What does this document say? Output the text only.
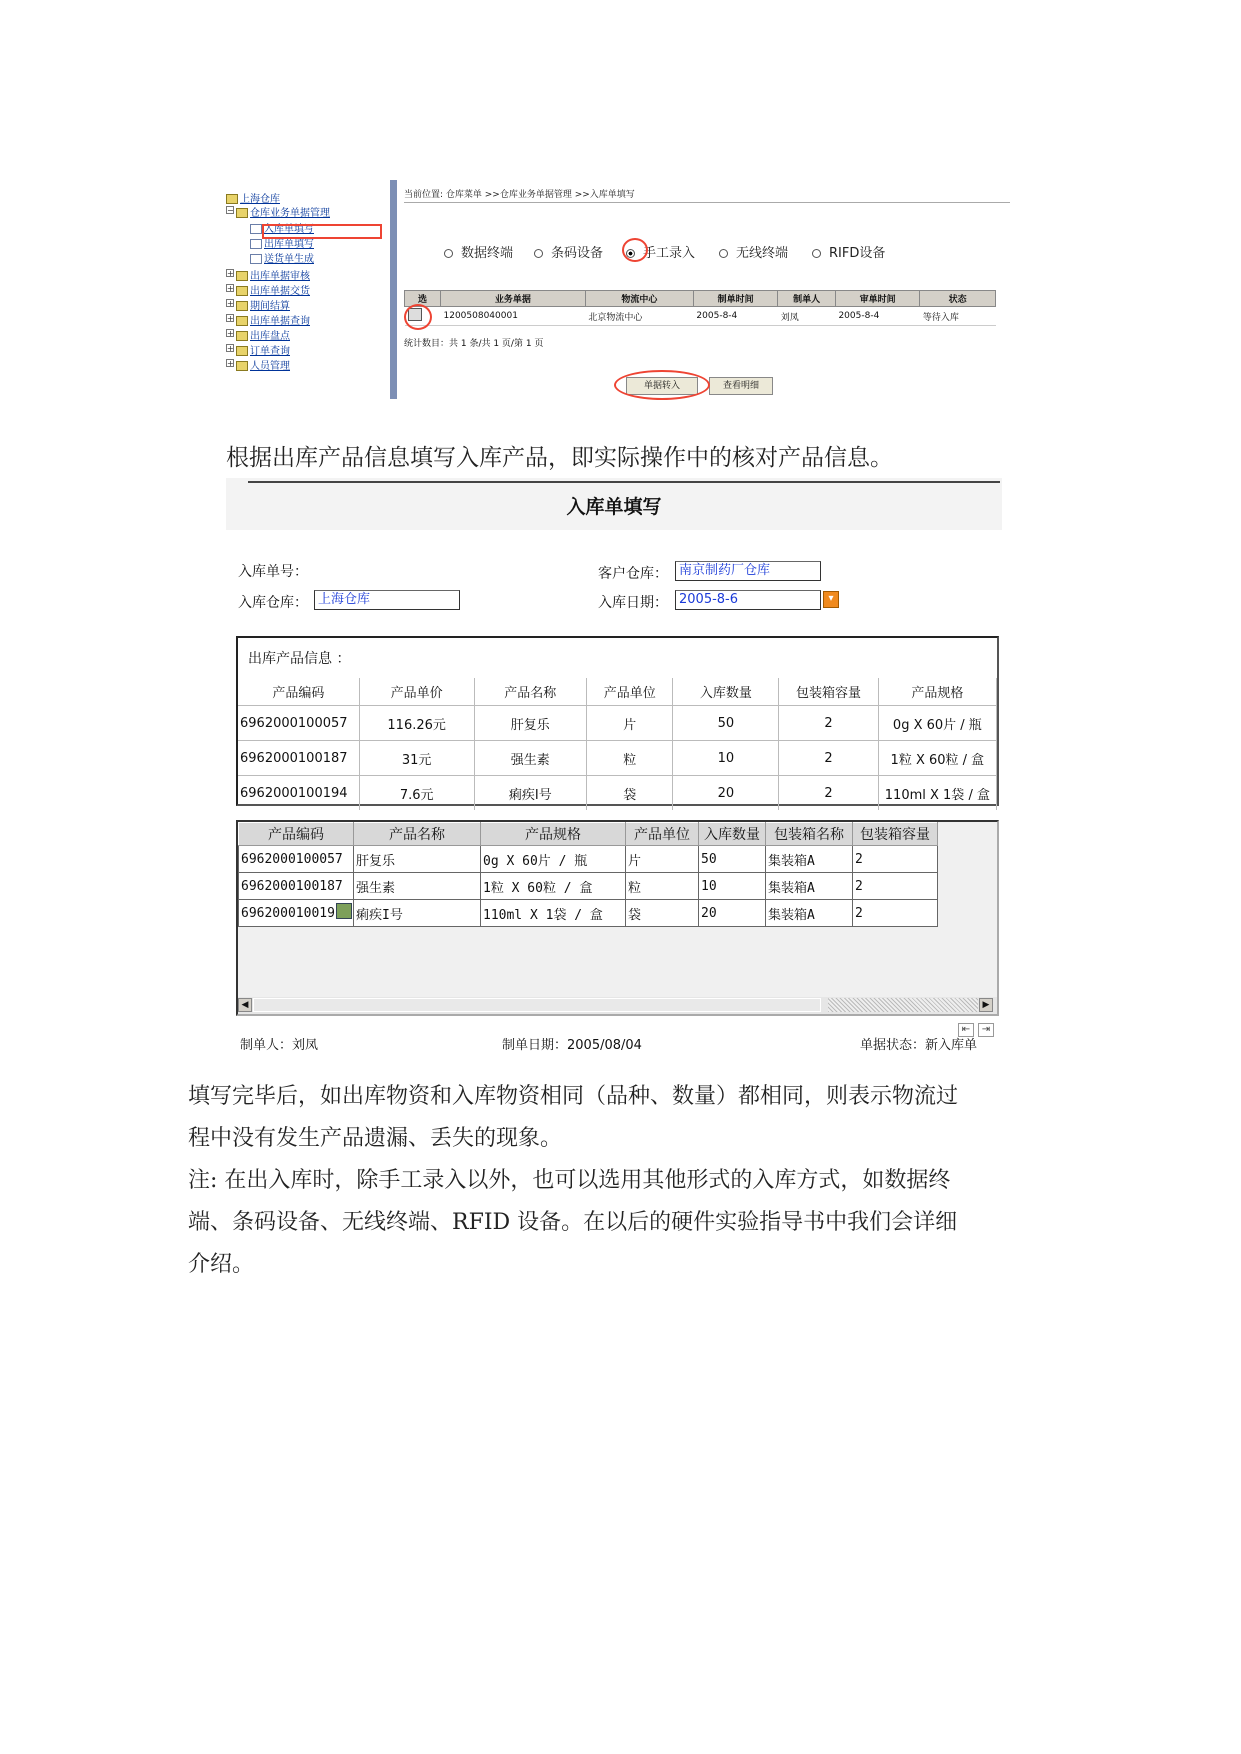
上海仓库
−	仓库业务单据管理
入库单填写
出库单填写
送货单生成
+	出库单据审核
+	出库单据交货
+	期间结算
+	出库单据查询
+	出库盘点
+	订单查询
+	人员管理
当前位置: 仓库菜单 >>仓库业务单据管理 >>入库单填写
数据终端	条码设备	手工录入	无线终端	RIFD设备
选	业务单据	物流中心	制单时间	制单人	审单时间	状态
	1200508040001	北京物流中心	2005-8-4	刘凤	2005-8-4	等待入库
统计数目：共 1 条/共 1 页/第 1 页
单据转入	查看明细
根据出库产品信息填写入库产品，即实际操作中的核对产品信息。
入库单填写
入库单号：
入库仓库： 上海仓库
客户仓库： 南京制药厂仓库
入库日期： 2005-8-6	▾
出库产品信息 ：
产品编码	产品单价	产品名称	产品单位	入库数量	包装箱容量	产品规格
6962000100057	116.26元	肝复乐	片	50	2	0g X 60片 / 瓶
6962000100187	31元	强生素	粒	10	2	1粒 X 60粒 / 盒
6962000100194	7.6元	痢疾I号	袋	20	2	110ml X 1袋 / 盒
产品编码	产品名称	产品规格	产品单位	入库数量	包装箱名称	包装箱容量
6962000100057	肝复乐	0g X 60片 / 瓶	片	50	集装箱A	2
6962000100187	强生素	1粒 X 60粒 / 盒	粒	10	集装箱A	2
696200010019	痢疾I号	110ml X 1袋 / 盒	袋	20	集装箱A	2
◀	▶
⇤ ⇥
制单人：刘凤	制单日期：2005/08/04	单据状态：新入库单
填写完毕后，如出库物资和入库物资相同（品种、数量）都相同，则表示物流过
程中没有发生产品遗漏、丢失的现象。
注: 在出入库时，除手工录入以外，也可以选用其他形式的入库方式，如数据终
端、条码设备、无线终端、RFID 设备。在以后的硬件实验指导书中我们会详细
介绍。
